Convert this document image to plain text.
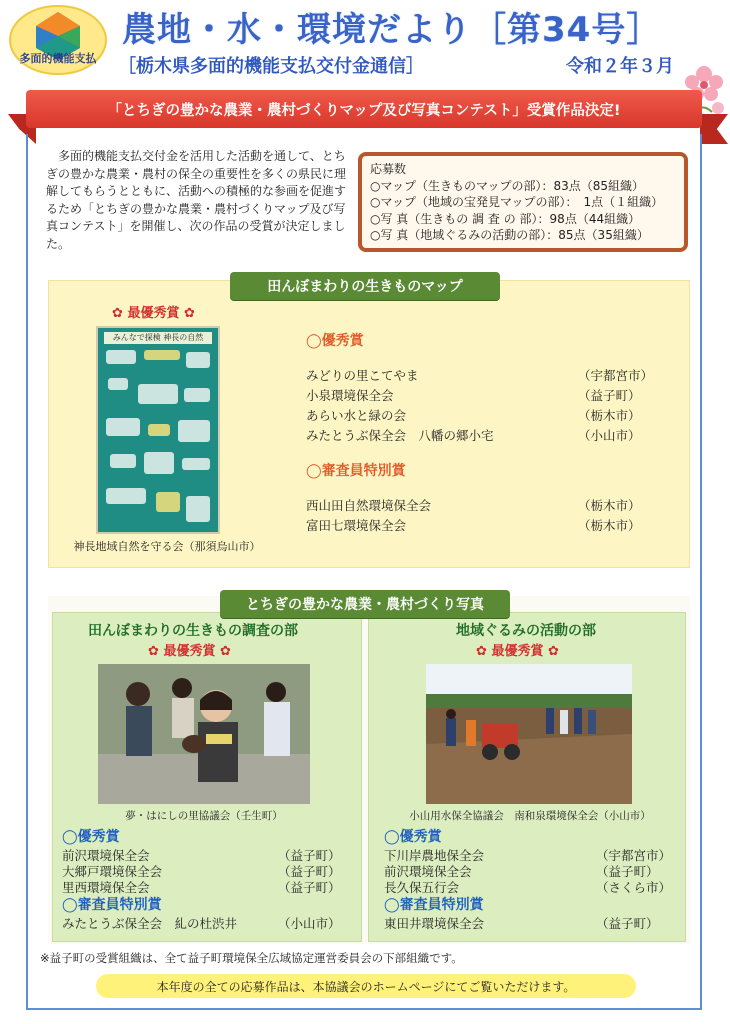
多面的機能支払
農地・水・環境だより［第34号］
［栃木県多面的機能支払交付金通信］	令和２年３月
「とちぎの豊かな農業・農村づくりマップ及び写真コンテスト」受賞作品決定!

多面的機能支払交付金を活用した活動を通して、とちぎの豊かな農業・農村の保全の重要性を多くの県民に理解してもらうとともに、活動への積極的な参画を促進するため「とちぎの豊かな農業・農村づくりマップ及び写真コンテスト」を開催し、次の作品の受賞が決定しました。

応募数
○マップ（生きものマップの部）：83点（85組織）
○マップ（地域の宝発見マップの部）：　1点（１組織）
○写 真（生きもの 調 査 の 部）：98点（44組織）
○写 真（地域ぐるみの活動の部）：85点（35組織）
田んぼまわりの生きものマップ
✿ 最優秀賞 ✿
みんなで探検 神長の自然
神長地域自然を守る会（那須烏山市）
◯優秀賞
みどりの里こてやま	（宇都宮市）
小泉環境保全会	（益子町）
あらい水と緑の会	（栃木市）
みたとうぶ保全会　八幡の郷小宅	（小山市）
◯審査員特別賞
西山田自然環境保全会	（栃木市）
富田七環境保全会	（栃木市）
とちぎの豊かな農業・農村づくり写真
田んぼまわりの生きもの調査の部
✿ 最優秀賞 ✿
夢・はにしの里協議会（壬生町）
◯優秀賞
前沢環境保全会	（益子町）
大郷戸環境保全会	（益子町）
里西環境保全会	（益子町）
◯審査員特別賞
みたとうぶ保全会　糺の杜渋井	（小山市）
地域ぐるみの活動の部
✿ 最優秀賞 ✿
小山用水保全協議会　南和泉環境保全会（小山市）
◯優秀賞
下川岸農地保全会	（宇都宮市）
前沢環境保全会	（益子町）
長久保五行会	（さくら市）
◯審査員特別賞
東田井環境保全会	（益子町）
※益子町の受賞組織は、全て益子町環境保全広域協定運営委員会の下部組織です。
本年度の全ての応募作品は、本協議会のホームページにてご覧いただけます。
